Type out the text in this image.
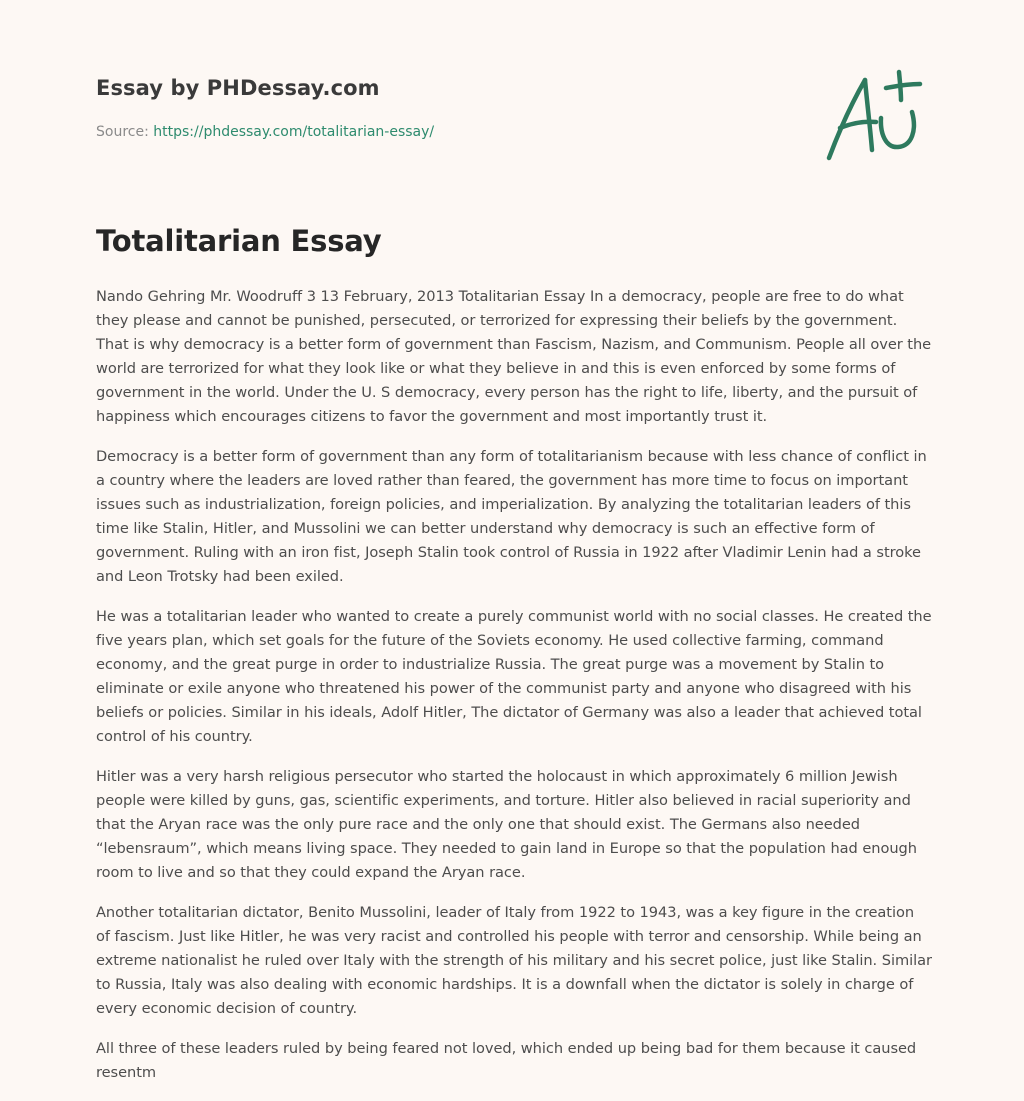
Essay by PHDessay.com
Source: https://phdessay.com/totalitarian-essay/
Totalitarian Essay

Nando Gehring Mr. Woodruff 3 13 February, 2013 Totalitarian Essay In a democracy, people are free to do what they please and cannot be punished, persecuted, or terrorized for expressing their beliefs by the government. That is why democracy is a better form of government than Fascism, Nazism, and Communism. People all over the world are terrorized for what they look like or what they believe in and this is even enforced by some forms of government in the world. Under the U. S democracy, every person has the right to life, liberty, and the pursuit of happiness which encourages citizens to favor the government and most importantly trust it.

Democracy is a better form of government than any form of totalitarianism because with less chance of conflict in a country where the leaders are loved rather than feared, the government has more time to focus on important issues such as industrialization, foreign policies, and imperialization. By analyzing the totalitarian leaders of this time like Stalin, Hitler, and Mussolini we can better understand why democracy is such an effective form of government. Ruling with an iron fist, Joseph Stalin took control of Russia in 1922 after Vladimir Lenin had a stroke and Leon Trotsky had been exiled.

He was a totalitarian leader who wanted to create a purely communist world with no social classes. He created the five years plan, which set goals for the future of the Soviets economy. He used collective farming, command economy, and the great purge in order to industrialize Russia. The great purge was a movement by Stalin to eliminate or exile anyone who threatened his power of the communist party and anyone who disagreed with his beliefs or policies. Similar in his ideals, Adolf Hitler, The dictator of Germany was also a leader that achieved total control of his country.

Hitler was a very harsh religious persecutor who started the holocaust in which approximately 6 million Jewish people were killed by guns, gas, scientific experiments, and torture. Hitler also believed in racial superiority and that the Aryan race was the only pure race and the only one that should exist. The Germans also needed “lebensraum”, which means living space. They needed to gain land in Europe so that the population had enough room to live and so that they could expand the Aryan race.

Another totalitarian dictator, Benito Mussolini, leader of Italy from 1922 to 1943, was a key figure in the creation of fascism. Just like Hitler, he was very racist and controlled his people with terror and censorship. While being an extreme nationalist he ruled over Italy with the strength of his military and his secret police, just like Stalin. Similar to Russia, Italy was also dealing with economic hardships. It is a downfall when the dictator is solely in charge of every economic decision of country.

All three of these leaders ruled by being feared not loved, which ended up being bad for them because it caused resentm
